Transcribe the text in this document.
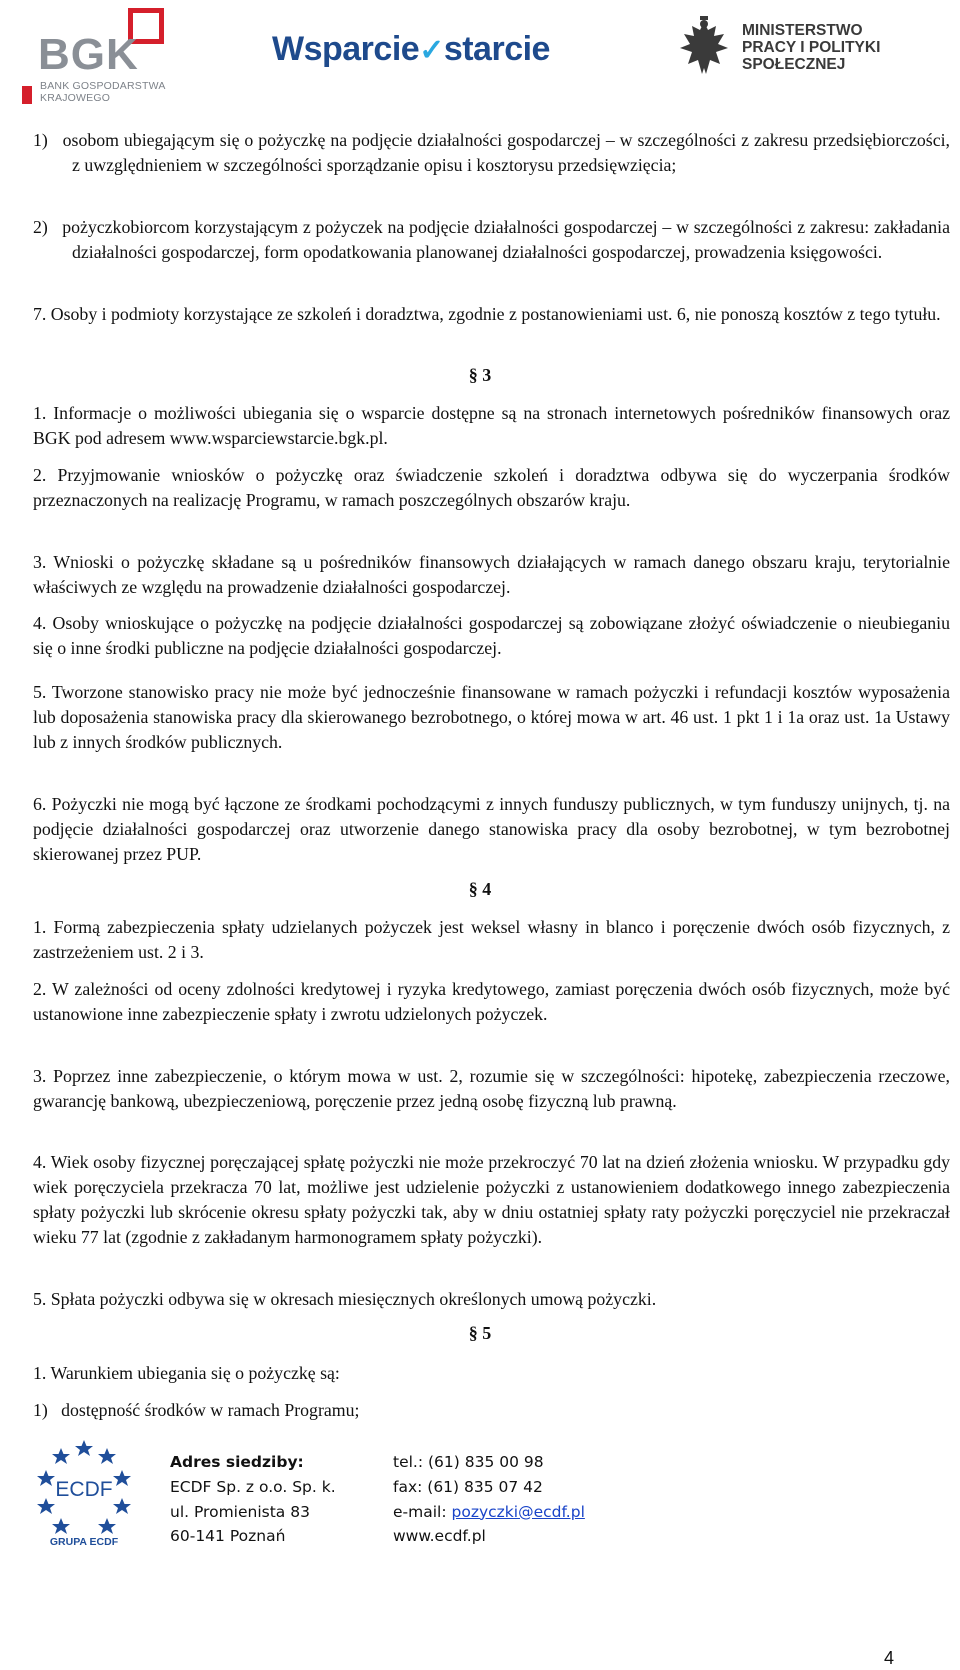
BGK
BANK GOSPODARSTWA
KRAJOWEGO
Wsparcie✓starcie	MINISTERSTWO
PRACY I POLITYKI
SPOŁECZNEJ

1)   osobom ubiegającym się o pożyczkę na podjęcie działalności gospodarczej – w szczególności z zakresu przedsiębiorczości, z uwzględnieniem w szczególności sporządzanie opisu i kosztorysu przedsięwzięcia;

2)   pożyczkobiorcom korzystającym z pożyczek na podjęcie działalności gospodarczej – w szczególności z zakresu: zakładania działalności gospodarczej, form opodatkowania planowanej działalności gospodarczej, prowadzenia księgowości.

7. Osoby i podmioty korzystające ze szkoleń i doradztwa, zgodnie z postanowieniami ust. 6, nie ponoszą kosztów z tego tytułu.

§ 3

1. Informacje o możliwości ubiegania się o wsparcie dostępne są na stronach internetowych pośredników finansowych oraz BGK pod adresem www.wsparciewstarcie.bgk.pl.

2. Przyjmowanie wniosków o pożyczkę oraz świadczenie szkoleń i doradztwa odbywa się do wyczerpania środków przeznaczonych na realizację Programu, w ramach poszczególnych obszarów kraju.

3. Wnioski o pożyczkę składane są u pośredników finansowych działających w ramach danego obszaru kraju, terytorialnie właściwych ze względu na prowadzenie działalności gospodarczej.

4. Osoby wnioskujące o pożyczkę na podjęcie działalności gospodarczej są zobowiązane złożyć oświadczenie o nieubieganiu się o inne środki publiczne na podjęcie działalności gospodarczej.

5. Tworzone stanowisko pracy nie może być jednocześnie finansowane w ramach pożyczki i refundacji kosztów wyposażenia lub doposażenia stanowiska pracy dla skierowanego bezrobotnego, o której mowa w art. 46 ust. 1 pkt 1 i 1a oraz ust. 1a Ustawy lub z innych środków publicznych.

6. Pożyczki nie mogą być łączone ze środkami pochodzącymi z innych funduszy publicznych, w tym funduszy unijnych, tj. na podjęcie działalności gospodarczej oraz utworzenie danego stanowiska pracy dla osoby bezrobotnej, w tym bezrobotnej skierowanej przez PUP.

§ 4

1. Formą zabezpieczenia spłaty udzielanych pożyczek jest weksel własny in blanco i poręczenie dwóch osób fizycznych, z zastrzeżeniem ust. 2 i 3.

2. W zależności od oceny zdolności kredytowej i ryzyka kredytowego, zamiast poręczenia dwóch osób fizycznych, może być ustanowione inne zabezpieczenie spłaty i zwrotu udzielonych pożyczek.

3. Poprzez inne zabezpieczenie, o którym mowa w ust. 2, rozumie się w szczególności: hipotekę, zabezpieczenia rzeczowe, gwarancję bankową, ubezpieczeniową, poręczenie przez jedną osobę fizyczną lub prawną.

4. Wiek osoby fizycznej poręczającej spłatę pożyczki nie może przekroczyć 70 lat na dzień złożenia wniosku. W przypadku gdy wiek poręczyciela przekracza 70 lat, możliwe jest udzielenie pożyczki z ustanowieniem dodatkowego innego zabezpieczenia spłaty pożyczki lub skrócenie okresu spłaty pożyczki tak, aby w dniu ostatniej spłaty raty pożyczki poręczyciel nie przekraczał wieku 77 lat (zgodnie z zakładanym harmonogramem spłaty pożyczki).

5. Spłata pożyczki odbywa się w okresach miesięcznych określonych umową pożyczki.

§ 5

1. Warunkiem ubiegania się o pożyczkę są:

1)   dostępność środków w ramach Programu;

ECDF
GRUPA ECDF
Adres siedziby:
ECDF Sp. z o.o. Sp. k.
ul. Promienista 83
60-141 Poznań
tel.: (61) 835 00 98
fax: (61) 835 07 42
e-mail: pozyczki@ecdf.pl
www.ecdf.pl
4
